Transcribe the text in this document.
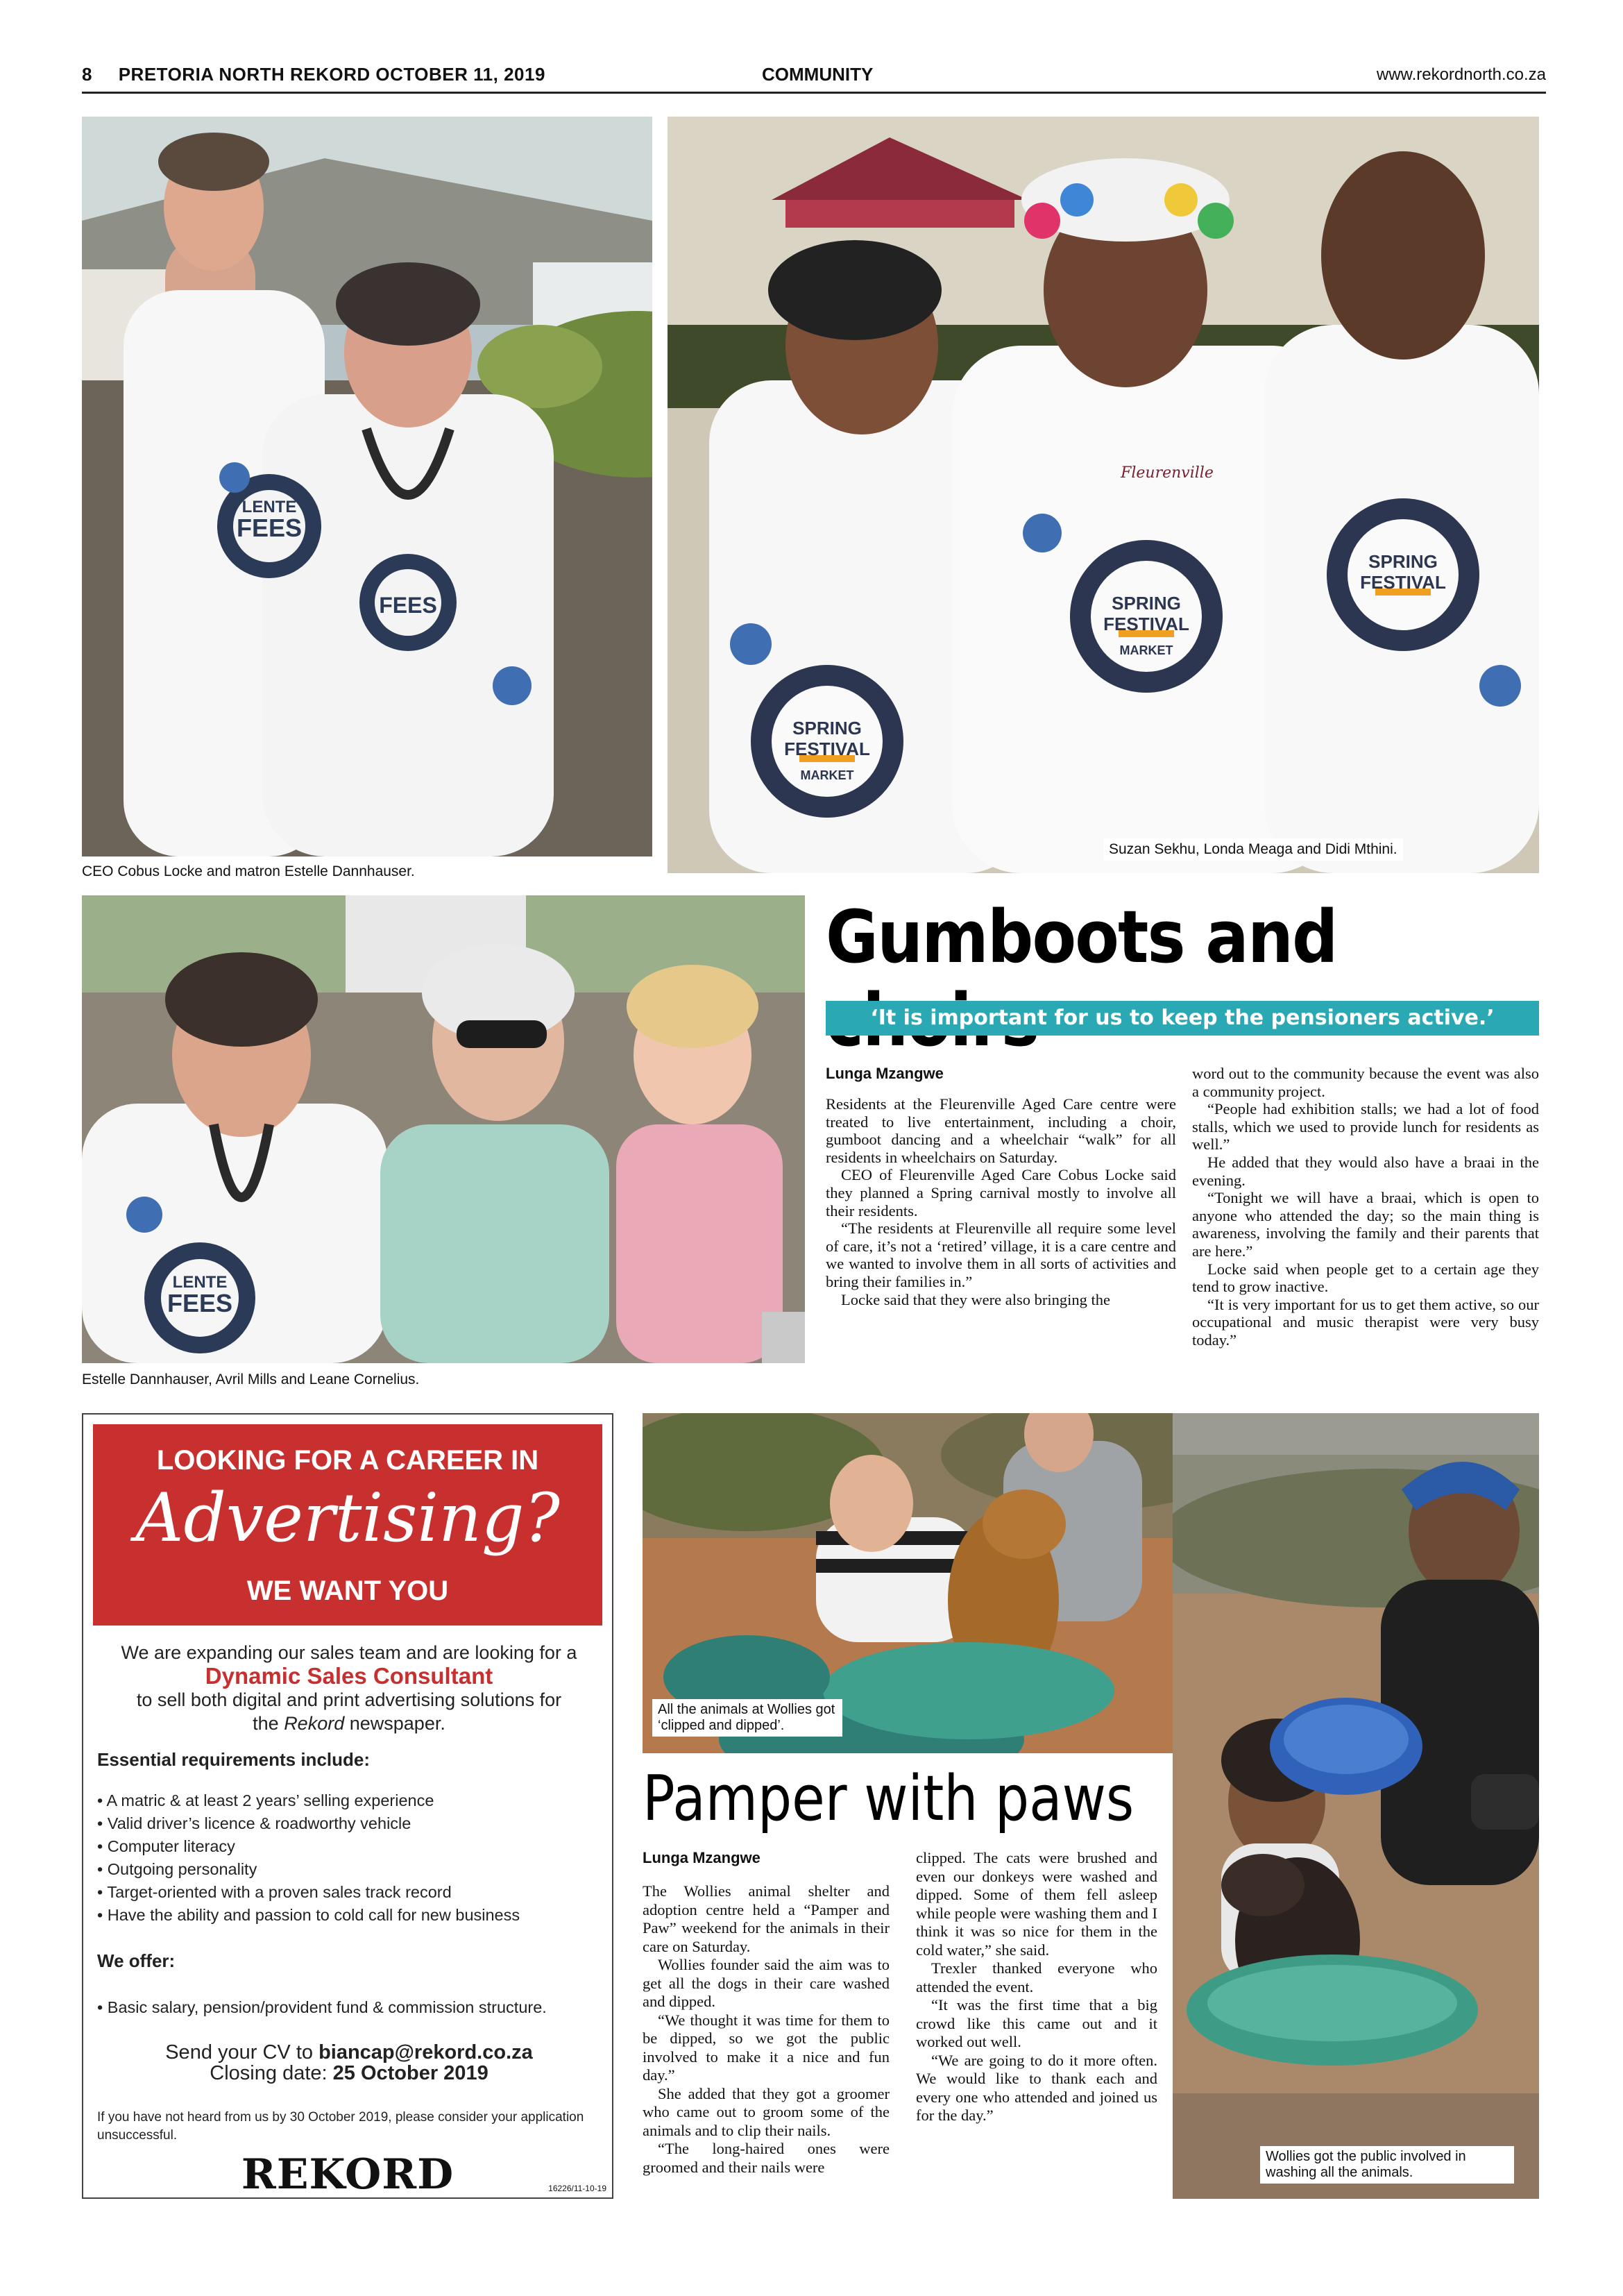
8 PRETORIA NORTH REKORD OCTOBER 11, 2019	COMMUNITY	www.rekordnorth.co.za
LENTE
FEES
FEES
CEO Cobus Locke and matron Estelle Dannhauser.
SPRING
FESTIVAL
MARKET
SPRING
FESTIVAL
MARKET
SPRING
FESTIVAL
Fleurenville
Suzan Sekhu, Londa Meaga and Didi Mthini.
LENTE
FEES
Estelle Dannhauser, Avril Mills and Leane Cornelius.
Gumboots and
‘It is important for us to keep the pensioners active.’
Lunga Mzangwe

Residents at the Fleurenville Aged Care centre were treated to live entertainment, including a choir, gumboot dancing and a wheelchair “walk” for all residents in wheelchairs on Saturday.

CEO of Fleurenville Aged Care Cobus Locke said they planned a Spring carnival mostly to involve all their residents.

“The residents at Fleurenville all require some level of care, it’s not a ‘retired’ village, it is a care centre and we wanted to involve them in all sorts of activities and bring their families in.”

Locke said that they were also bringing the

word out to the community because the event was also a community project.

“People had exhibition stalls; we had a lot of food stalls, which we used to provide lunch for residents as well.”

He added that they would also have a braai in the evening.

“Tonight we will have a braai, which is open to anyone who attended the day; so the main thing is awareness, involving the family and their parents that are here.”

Locke said when people get to a certain age they tend to grow inactive.

“It is very important for us to get them active, so our occupational and music therapist were very busy today.”

LOOKING FOR A CAREER IN
Advertising?
WE WANT YOU
We are expanding our sales team and are looking for a
Dynamic Sales Consultant
to sell both digital and print advertising solutions for
the Rekord newspaper.
Essential requirements include:
• A matric & at least 2 years’ selling experience
• Valid driver’s licence & roadworthy vehicle
• Computer literacy
• Outgoing personality
• Target-oriented with a proven sales track record
• Have the ability and passion to cold call for new business
We offer:
• Basic salary, pension/provident fund & commission structure.
Send your CV to biancap@rekord.co.za
Closing date: 25 October 2019
If you have not heard from us by 30 October 2019, please consider your application unsuccessful.
REKORD	16226/11-10-19
All the animals at Wollies got ‘clipped and dipped’.
Pamper with paws
Lunga Mzangwe

The Wollies animal shelter and adoption centre held a “Pamper and Paw” weekend for the animals in their care on Saturday.

Wollies founder said the aim was to get all the dogs in their care washed and dipped.

“We thought it was time for them to be dipped, so we got the public involved to make it a nice and fun day.”

She added that they got a groomer who came out to groom some of the animals and to clip their nails.

“The long-haired ones were groomed and their nails were

clipped. The cats were brushed and even our donkeys were washed and dipped. Some of them fell asleep while people were washing them and I think it was so nice for them in the cold water,” she said.

Trexler thanked everyone who attended the event.

“It was the first time that a big crowd like this came out and it worked out well.

“We are going to do it more often. We would like to thank each and every one who attended and joined us for the day.”

Wollies got the public involved in washing all the animals.
